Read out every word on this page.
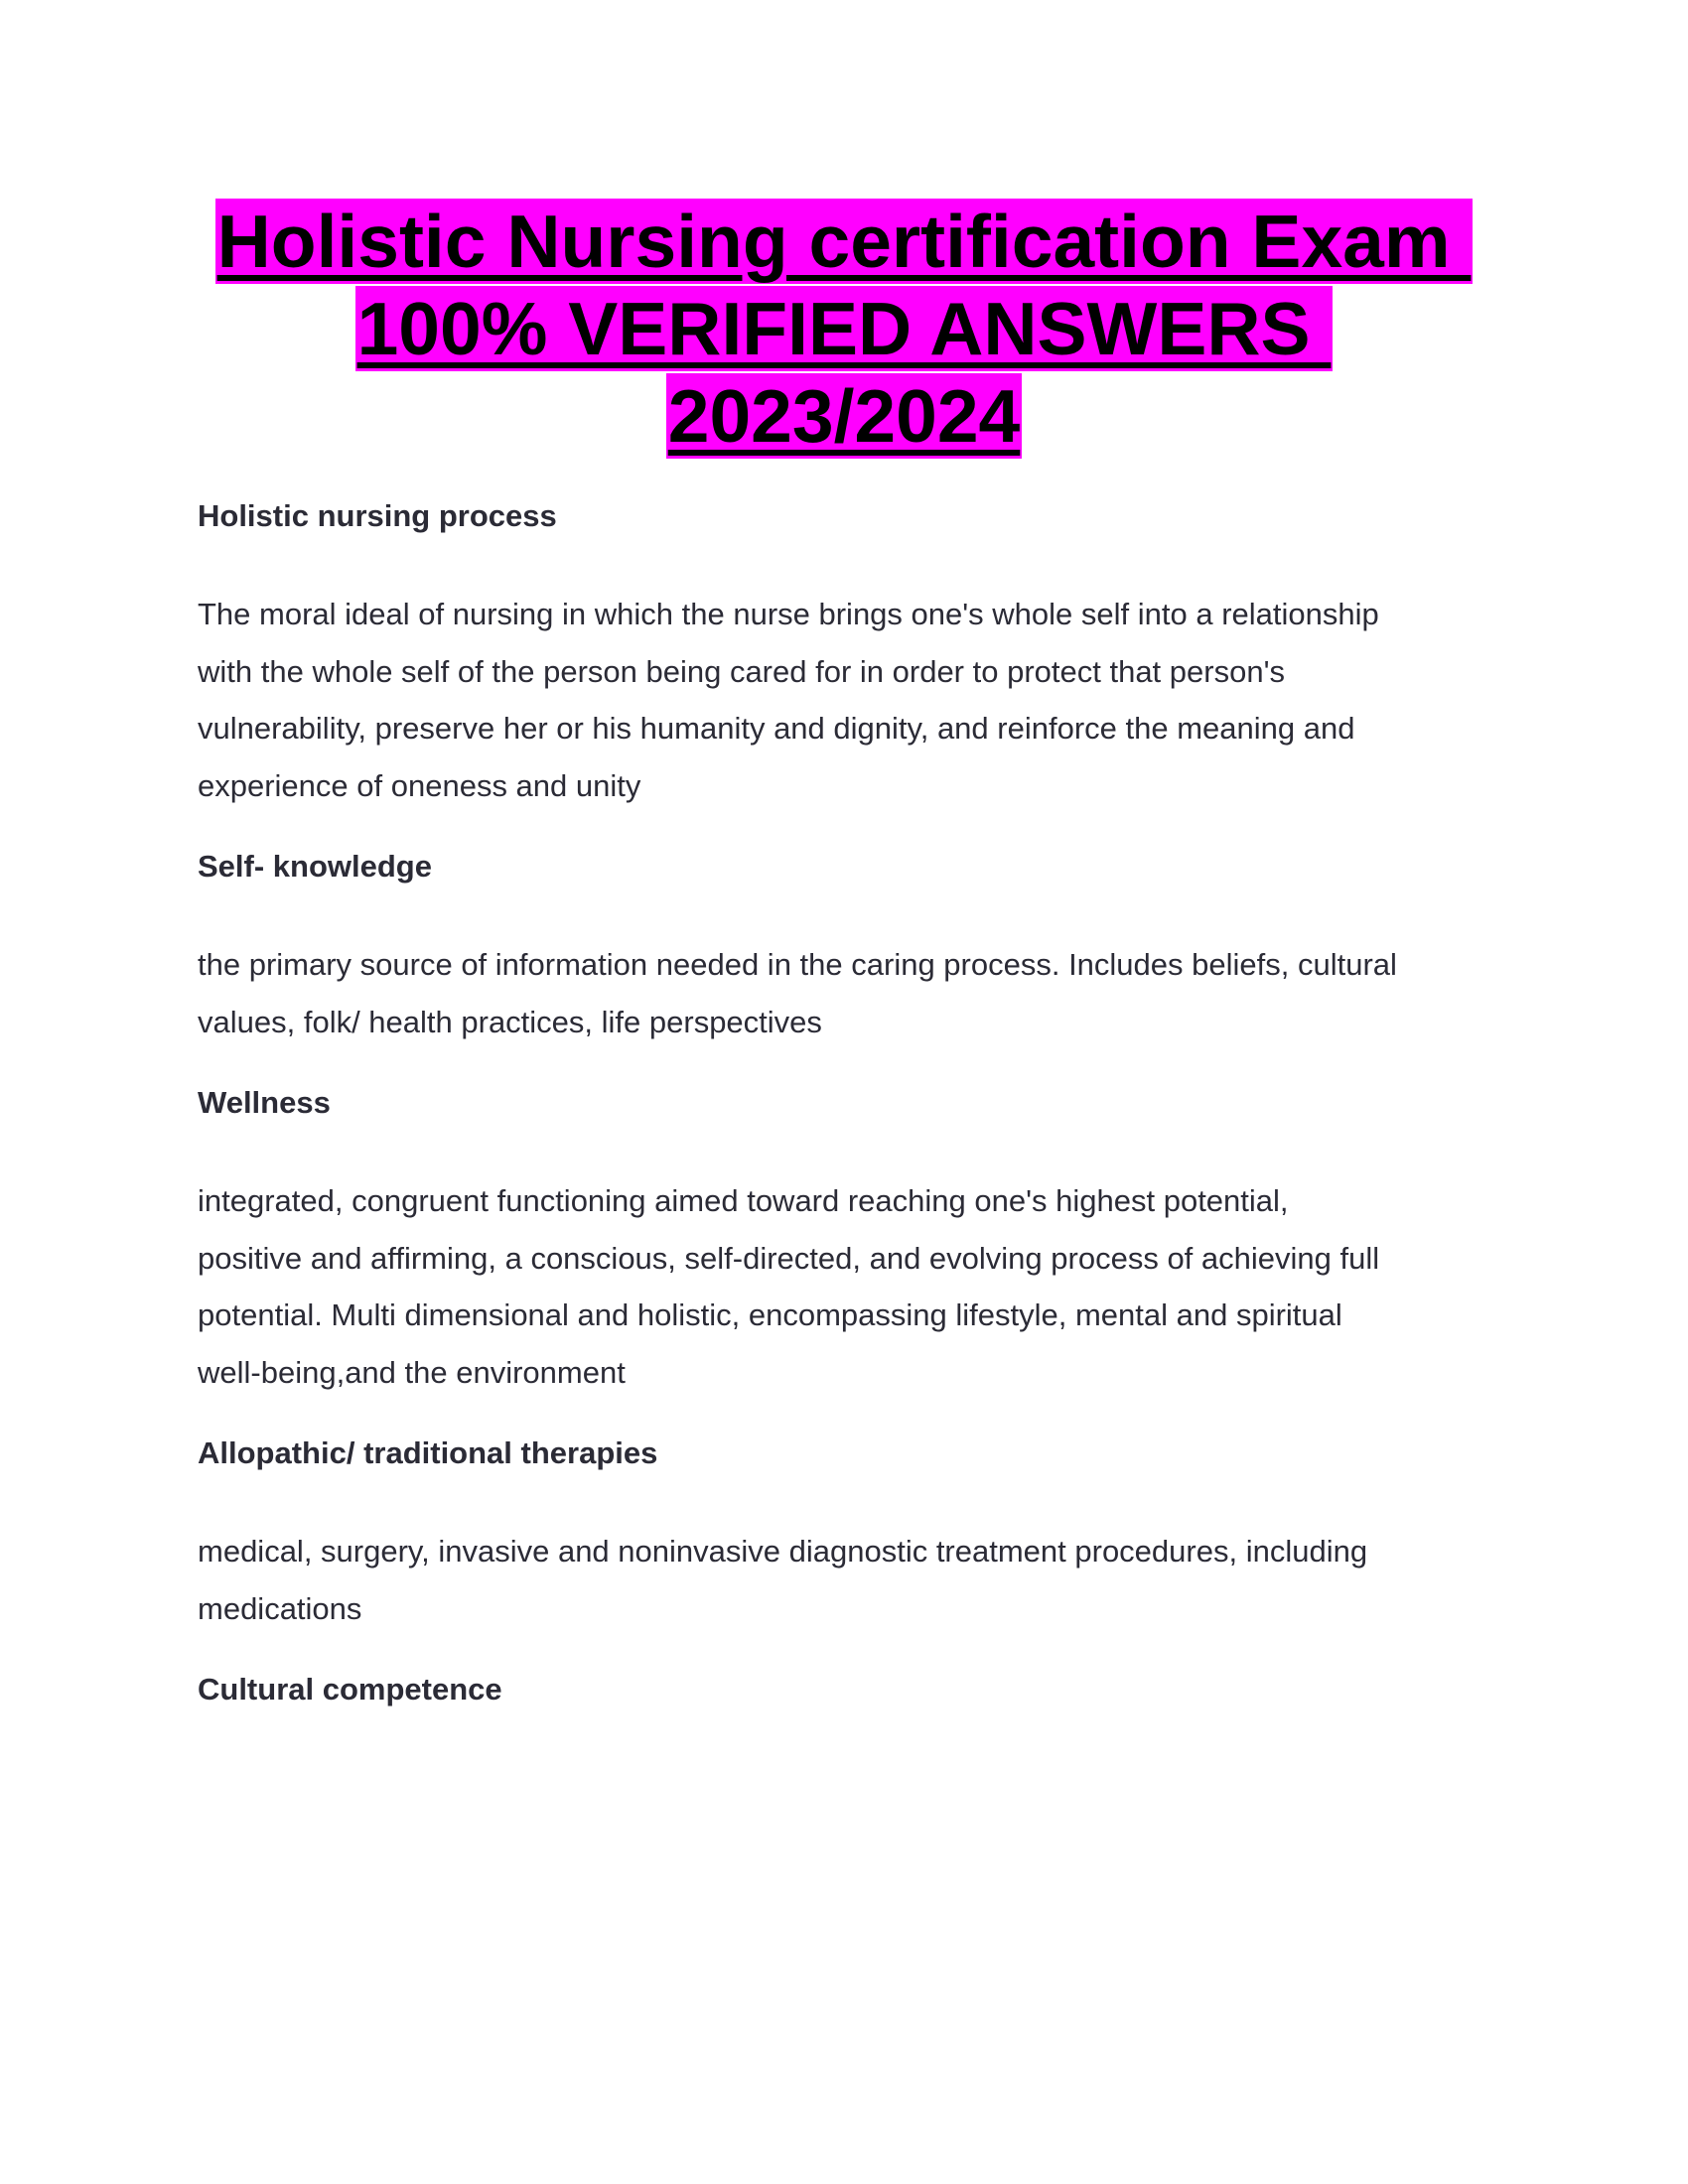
Holistic Nursing certification Exam
100% VERIFIED ANSWERS
2023/2024

Holistic nursing process

The moral ideal of nursing in which the nurse brings one's whole self into a relationship
with the whole self of the person being cared for in order to protect that person's
vulnerability, preserve her or his humanity and dignity, and reinforce the meaning and
experience of oneness and unity

Self- knowledge

the primary source of information needed in the caring process. Includes beliefs, cultural
values, folk/ health practices, life perspectives

Wellness

integrated, congruent functioning aimed toward reaching one's highest potential,
positive and affirming, a conscious, self-directed, and evolving process of achieving full
potential. Multi dimensional and holistic, encompassing lifestyle, mental and spiritual
well-being,and the environment

Allopathic/ traditional therapies

medical, surgery, invasive and noninvasive diagnostic treatment procedures, including
medications

Cultural competence
